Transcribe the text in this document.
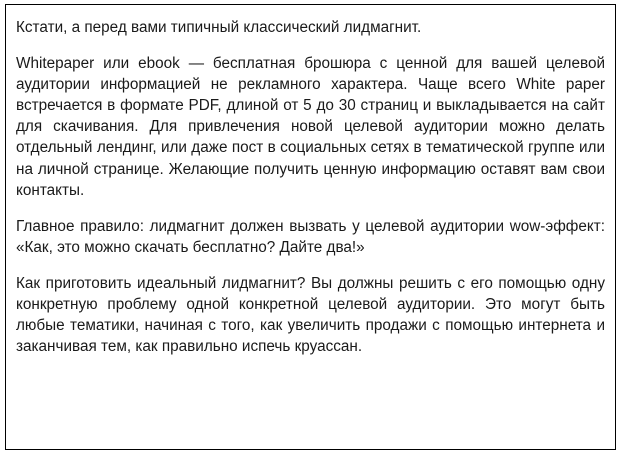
Кстати, а перед вами типичный классический лидмагнит.

Whitepaper или ebook — бесплатная брошюра с ценной для вашей целевой аудитории информацией не рекламного характера. Чаще всего White paper встречается в формате PDF, длиной от 5 до 30 страниц и выкладывается на сайт для скачивания. Для привлечения новой целевой аудитории можно делать отдельный лендинг, или даже пост в социальных сетях в тематической группе или на личной странице. Желающие получить ценную информацию оставят вам свои контакты.

Главное правило: лидмагнит должен вызвать у целевой аудитории wow-эффект: «Как, это можно скачать бесплатно? Дайте два!»

Как приготовить идеальный лидмагнит? Вы должны решить с его помощью одну конкретную проблему одной конкретной целевой аудитории. Это могут быть любые тематики, начиная с того, как увеличить продажи с помощью интернета и заканчивая тем, как правильно испечь круассан.
